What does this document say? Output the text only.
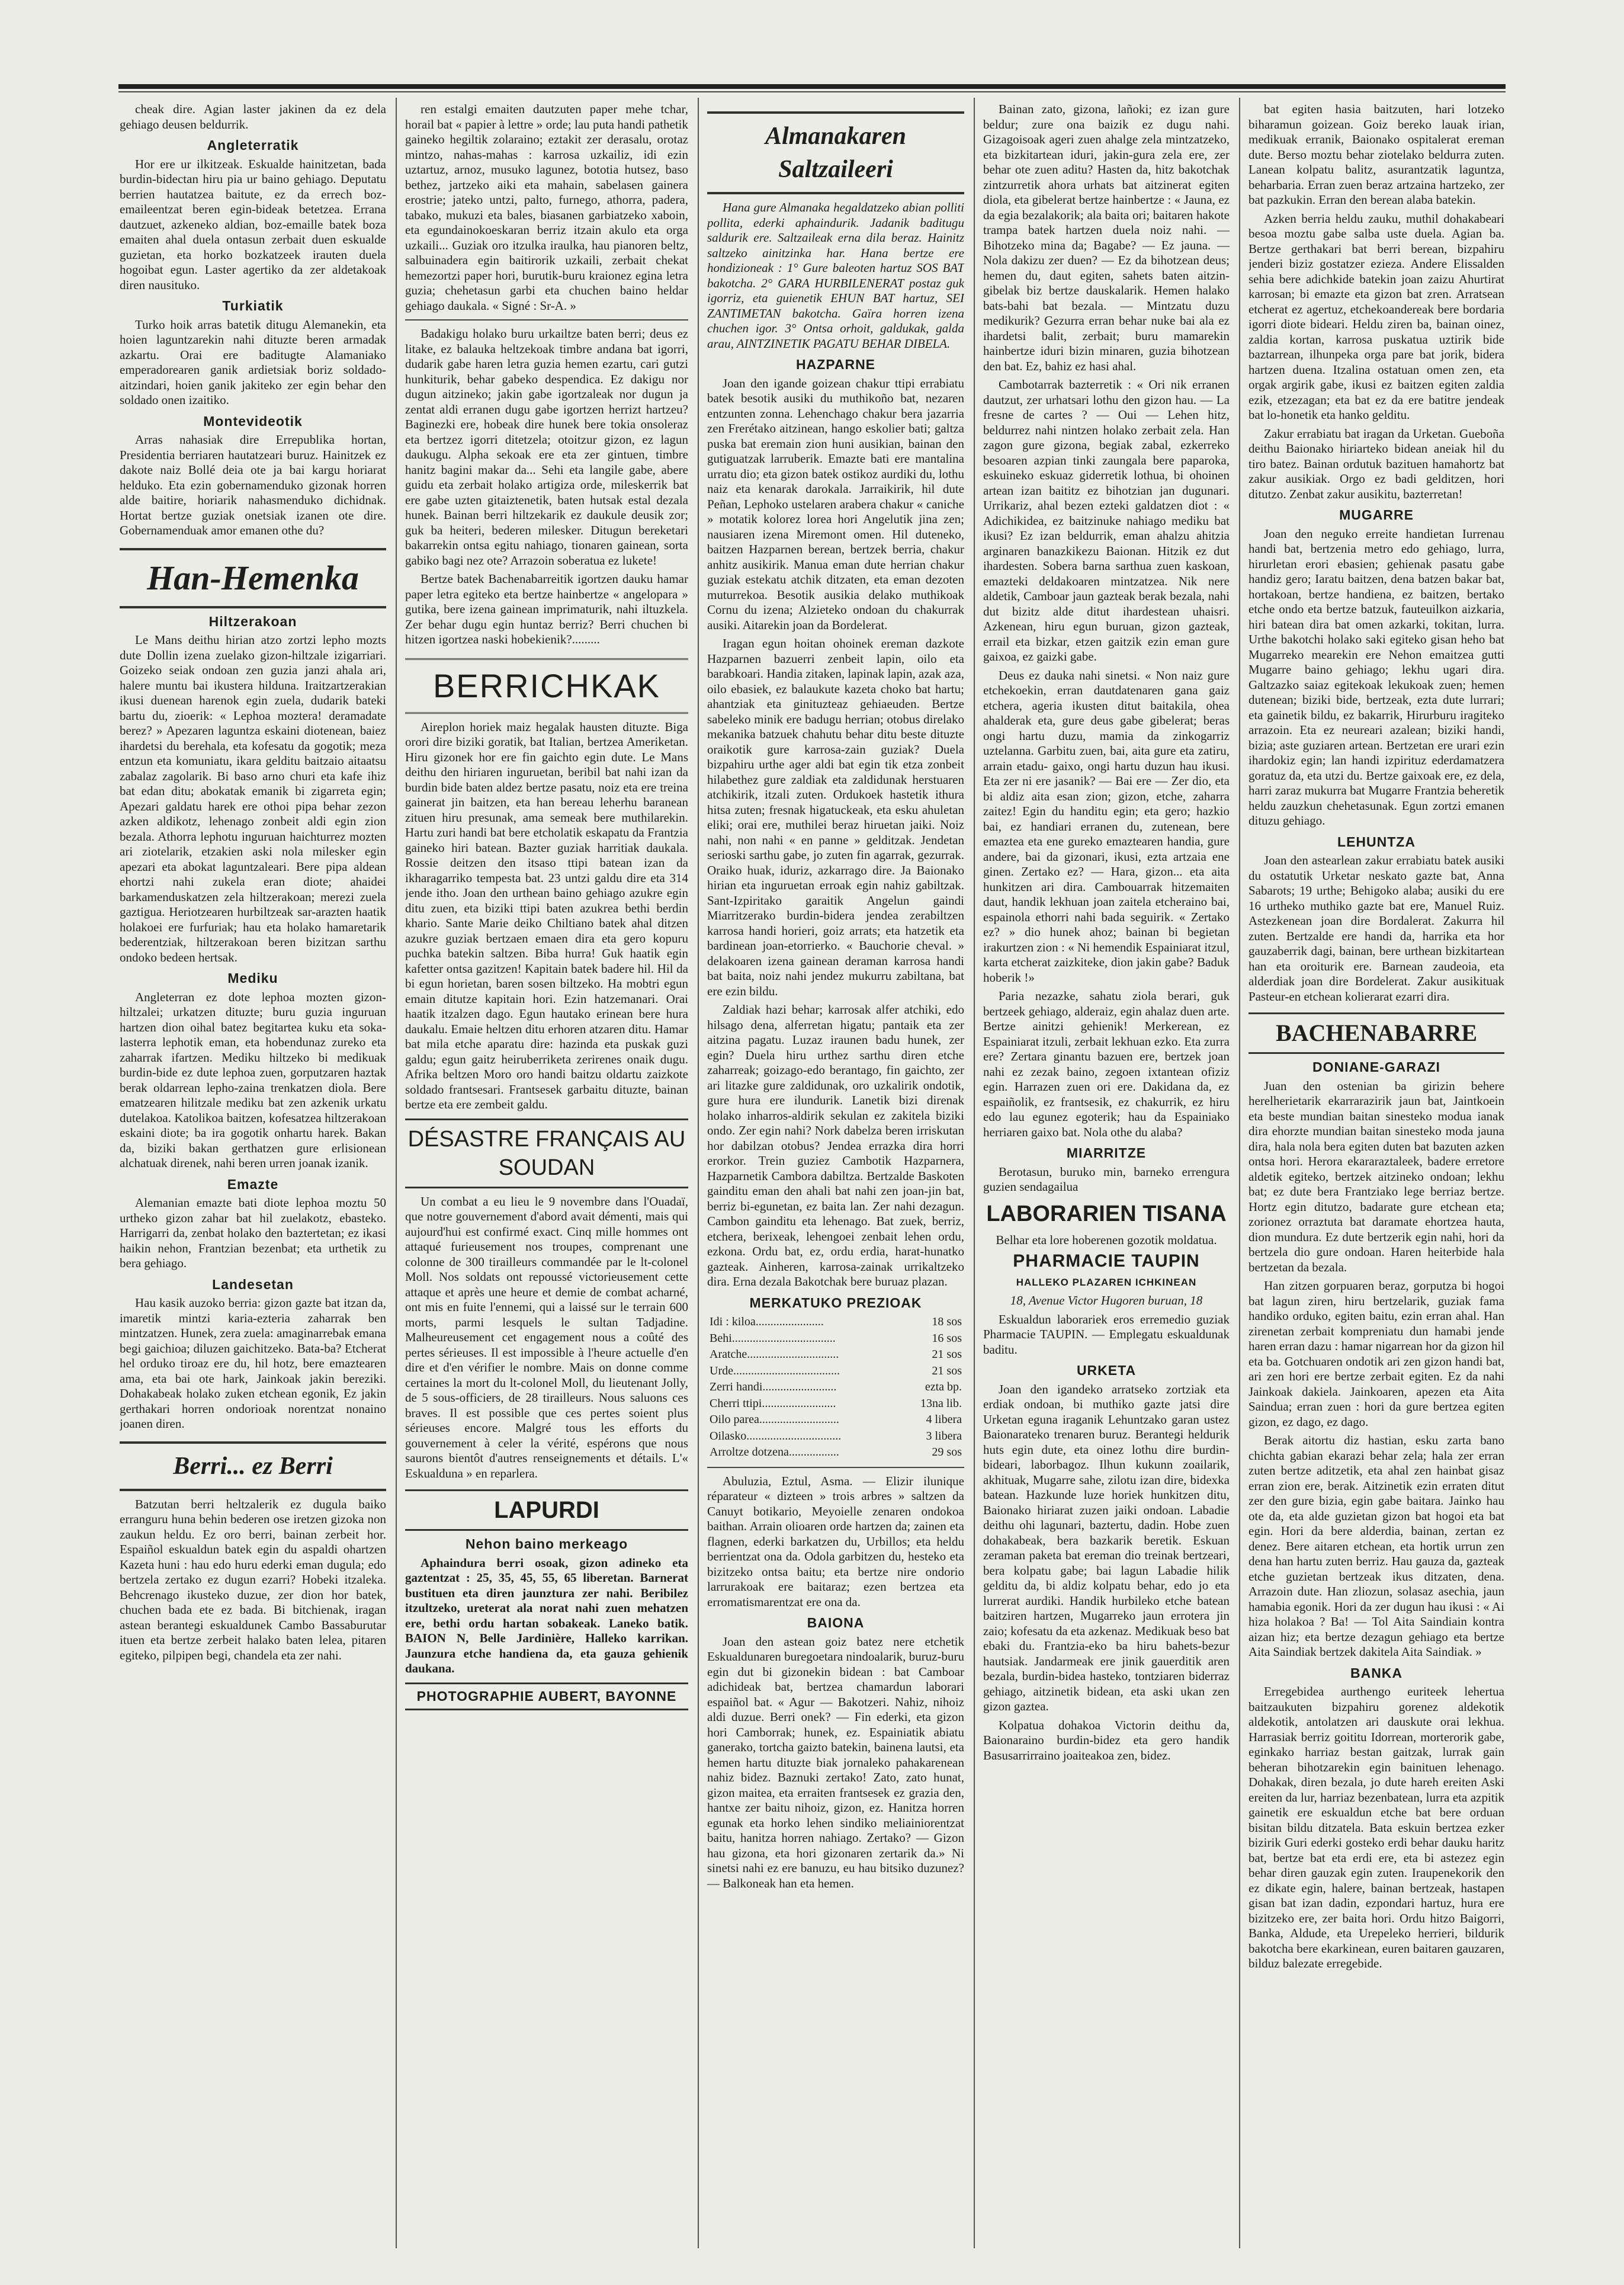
cheak dire. Agian laster jakinen da ez dela gehiago deusen beldurrik.

Angleterratik

Hor ere ur ilkitzeak. Eskualde hainitzetan, bada burdin-bidectan hiru pia ur baino gehiago. Deputatu berrien hautatzea baitute, ez da errech boz-emaileentzat beren egin-bideak betetzea. Errana dautzuet, azkeneko aldian, boz-emaille batek boza emaiten ahal duela ontasun zerbait duen eskualde guzietan, eta horko bozkatzeek irauten duela hogoibat egun. Laster agertiko da zer aldetakoak diren nausituko.

Turkiatik

Turko hoik arras batetik ditugu Alemanekin, eta hoien laguntzarekin nahi dituzte beren armadak azkartu. Orai ere baditugte Alamaniako emperadorearen ganik ardietsiak boriz soldado-aitzindari, hoien ganik jakiteko zer egin behar den soldado onen izaitiko.

Montevideotik

Arras nahasiak dire Errepublika hortan, Presidentia berriaren hautatzeari buruz. Hainitzek ez dakote naiz Bollé deia ote ja bai kargu horiarat helduko. Eta ezin gobernamenduko gizonak horren alde baitire, horiarik nahasmenduko dichidnak. Hortat bertze guziak onetsiak izanen ote dire. Gobernamenduak amor emanen othe du?

Han-Hemenka
Hiltzerakoan

Le Mans deithu hirian atzo zortzi lepho mozts dute Dollin izena zuelako gizon-hiltzale izigarriari. Goizeko seiak ondoan zen guzia janzi ahala ari, halere muntu bai ikustera hilduna. Iraitzartzerakian ikusi duenean harenok egin zuela, dudarik bateki bartu du, zioerik: « Lephoa moztera! deramadate berez? » Apezaren laguntza eskaini diotenean, baiez ihardetsi du berehala, eta kofesatu da gogotik; meza entzun eta komuniatu, ikara gelditu baitzaio aitaatsu zabalaz zagolarik. Bi baso arno churi eta kafe ihiz bat edan ditu; abokatak emanik bi zigarreta egin; Apezari galdatu harek ere othoi pipa behar zezon azken aldikotz, lehenago zonbeit aldi egin zion bezala. Athorra lephotu inguruan haichturrez mozten ari ziotelarik, etzakien aski nola milesker egin apezari eta abokat laguntzaleari. Bere pipa aldean ehortzi nahi zukela eran diote; ahaidei barkamenduskatzen zela hiltzerakoan; merezi zuela gaztigua. Heriotzearen hurbiltzeak sar-arazten haatik holakoei ere furfuriak; hau eta holako hamaretarik bederentziak, hiltzerakoan beren bizitzan sarthu ondoko bedeen hertsak.

Mediku

Angleterran ez dote lephoa mozten gizon-hiltzalei; urkatzen dituzte; buru guzia inguruan hartzen dion oihal batez begitartea kuku eta soka-lasterra lephotik eman, eta hobendunaz zureko eta zaharrak ifartzen. Mediku hiltzeko bi medikuak burdin-bide ez dute lephoa zuen, gorputzaren haztak berak oldarrean lepho-zaina trenkatzen diola. Bere ematzearen hilitzale mediku bat zen azkenik urkatu dutelakoa. Katolikoa baitzen, kofesatzea hiltzerakoan eskaini diote; ba ira gogotik onhartu harek. Bakan da, biziki bakan gerthatzen gure erlisionean alchatuak direnek, nahi beren urren joanak izanik.

Emazte

Alemanian emazte bati diote lephoa moztu 50 urtheko gizon zahar bat hil zuelakotz, ebasteko. Harrigarri da, zenbat holako den baztertetan; ez ikasi haikin nehon, Frantzian bezenbat; eta urthetik zu bera gehiago.

Landesetan

Hau kasik auzoko berria: gizon gazte bat itzan da, imaretik mintzi karia-ezteria zaharrak ben mintzatzen. Hunek, zera zuela: amaginarrebak emana begi gaichioa; diluzen gaichitzeko. Bata-ba? Etcherat hel orduko tiroaz ere du, hil hotz, bere emaztearen ama, eta bai ote hark, Jainkoak jakin bereziki. Dohakabeak holako zuken etchean egonik, Ez jakin gerthakari horren ondorioak norentzat nonaino joanen diren.

Berri... ez Berri

Batzutan berri heltzalerik ez dugula baiko erranguru huna behin bederen ose iretzen gizoka non zaukun heldu. Ez oro berri, bainan zerbeit hor. Espaiñol eskualdun batek egin du aspaldi ohartzen Kazeta huni : hau edo huru ederki eman dugula; edo bertzela zertako ez dugun ezarri? Hobeki itzaleka. Behcrenago ikusteko duzue, zer dion hor batek, chuchen bada ete ez bada. Bi bitchienak, iragan astean berantegi eskualdunek Cambo Bassaburutar ituen eta bertze zerbeit halako baten lelea, pitaren egiteko, pilpipen begi, chandela eta zer nahi.

ren estalgi emaiten dautzuten paper mehe tchar, horail bat « papier à lettre » orde; lau puta handi pathetik gaineko hegiltik zolaraino; eztakit zer derasalu, orotaz mintzo, nahas-mahas : karrosa uzkailiz, idi ezin uztartuz, arnoz, musuko lagunez, bototia hutsez, baso bethez, jartzeko aiki eta mahain, sabelasen gainera erostrie; jateko untzi, palto, furnego, athorra, padera, tabako, mukuzi eta bales, biasanen garbiatzeko xaboin, eta egundainokoeskaran berriz itzain akulo eta orga uzkaili... Guziak oro itzulka iraulka, hau pianoren beltz, salbuinadera egin baitirorik uzkaili, zerbait chekat hemezortzi paper hori, burutik-buru kraionez egina letra guzia; chehetasun garbi eta chuchen baino heldar gehiago daukala. « Signé : Sr-A. »

Badakigu holako buru urkailtze baten berri; deus ez litake, ez balauka heltzekoak timbre andana bat igorri, dudarik gabe haren letra guzia hemen ezartu, cari gutzi hunkiturik, behar gabeko despendica. Ez dakigu nor dugun aitzineko; jakin gabe igortzaleak nor dugun ja zentat aldi erranen dugu gabe igortzen herrizt hartzeu? Baginezki ere, hobeak dire hunek bere tokia onsoleraz eta bertzez igorri ditetzela; otoitzur gizon, ez lagun daukugu. Alpha sekoak ere eta zer gintuen, timbre hanitz bagini makar da... Sehi eta langile gabe, abere guidu eta zerbait holako artigiza orde, mileskerrik bat ere gabe uzten gitaiztenetik, baten hutsak estal dezala hunek. Bainan berri hiltzekarik ez daukule deusik zor; guk ba heiteri, bederen milesker. Ditugun bereketari bakarrekin ontsa egitu nahiago, tionaren gainean, sorta gabiko bagi nez ote? Arrazoin soberatua ez lukete!

Bertze batek Bachenabarreitik igortzen dauku hamar paper letra egiteko eta bertze hainbertze « angelopara » gutika, bere izena gainean imprimaturik, nahi iltuzkela. Zer behar dugu egin huntaz berriz? Berri chuchen bi hitzen igortzea naski hobekienik?.........

BERRICHKAK

Aireplon horiek maiz hegalak hausten dituzte. Biga orori dire biziki goratik, bat Italian, bertzea Ameriketan. Hiru gizonek hor ere fin gaichto egin dute. Le Mans deithu den hiriaren inguruetan, beribil bat nahi izan da burdin bide baten aldez bertze pasatu, noiz eta ere treina gainerat jin baitzen, eta han bereau leherhu baranean zituen hiru presunak, ama semeak bere muthilarekin. Hartu zuri handi bat bere etcholatik eskapatu da Frantzia gaineko hiri batean. Bazter guziak harritiak daukala. Rossie deitzen den itsaso ttipi batean izan da ikharagarriko tempesta bat. 23 untzi galdu dire eta 314 jende itho. Joan den urthean baino gehiago azukre egin ditu zuen, eta biziki ttipi baten azukrea bethi berdin khario. Sante Marie deiko Chiltiano batek ahal ditzen azukre guziak bertzaen emaen dira eta gero kopuru puchka batekin saltzen. Biba hurra! Guk haatik egin kafetter ontsa gazitzen! Kapitain batek badere hil. Hil da bi egun horietan, baren sosen biltzeko. Ha mobtri egun emain ditutze kapitain hori. Ezin hatzemanari. Orai haatik itzalzen dago. Egun hautako erinean bere hura daukalu. Emaie heltzen ditu erhoren atzaren ditu. Hamar bat mila etche aparatu dire: hazinda eta puskak guzi galdu; egun gaitz heiruberriketa zerirenes onaik dugu. Afrika beltzen Moro oro handi baitzu oldartu zaizkote soldado frantsesari. Frantsesek garbaitu dituzte, bainan bertze eta ere zembeit galdu.

DÉSASTRE FRANÇAIS AU SOUDAN

Un combat a eu lieu le 9 novembre dans l'Ouadaï, que notre gouvernement d'abord avait démenti, mais qui aujourd'hui est confirmé exact. Cinq mille hommes ont attaqué furieusement nos troupes, comprenant une colonne de 300 tirailleurs commandée par le lt-colonel Moll. Nos soldats ont repoussé victorieusement cette attaque et après une heure et demie de combat acharné, ont mis en fuite l'ennemi, qui a laissé sur le terrain 600 morts, parmi lesquels le sultan Tadjadine. Malheureusement cet engagement nous a coûté des pertes sérieuses. Il est impossible à l'heure actuelle d'en dire et d'en vérifier le nombre. Mais on donne comme certaines la mort du lt-colonel Moll, du lieutenant Jolly, de 5 sous-officiers, de 28 tirailleurs. Nous saluons ces braves. Il est possible que ces pertes soient plus sérieuses encore. Malgré tous les efforts du gouvernement à celer la vérité, espérons que nous saurons bientôt d'autres renseignements et détails. L'« Eskualduna » en reparlera.

LAPURDI
Nehon baino merkeago

Aphaindura berri osoak, gizon adineko eta gaztentzat : 25, 35, 45, 55, 65 liberetan. Barnerat bustituen eta diren jaunztura zer nahi. Beribilez itzultzeko, ureterat ala norat nahi zuen mehatzen ere, bethi ordu hartan sobakeak. Laneko batik. BAION N, Belle Jardinière, Halleko karrikan. Jaunzura etche handiena da, eta gauza gehienik daukana.

PHOTOGRAPHIE AUBERT, BAYONNE
Almanakaren Saltzaileeri

Hana gure Almanaka hegaldatzeko abian polliti pollita, ederki aphaindurik. Jadanik baditugu saldurik ere. Saltzaileak erna dila beraz. Hainitz saltzeko ainitzinka har. Hana bertze ere hondizioneak : 1° Gure baleoten hartuz SOS BAT bakotcha. 2° GARA HURBILENERAT postaz guk igorriz, eta guienetik EHUN BAT hartuz, SEI ZANTIMETAN bakotcha. Gaïra horren izena chuchen igor. 3° Ontsa orhoit, galdukak, galda arau, AINTZINETIK PAGATU BEHAR DIBELA.

HAZPARNE

Joan den igande goizean chakur ttipi errabiatu batek besotik ausiki du muthikoño bat, nezaren entzunten zonna. Lehenchago chakur bera jazarria zen Frerétako aitzinean, hango eskolier bati; galtza puska bat eremain zion huni ausikian, bainan den gutiguatzak larruberik. Emazte bati ere mantalina urratu dio; eta gizon batek ostikoz aurdiki du, lothu naiz eta kenarak darokala. Jarraikirik, hil dute Peñan, Lephoko ustelaren arabera chakur « caniche » motatik kolorez lorea hori Angelutik jina zen; nausiaren izena Miremont omen. Hil duteneko, baitzen Hazparnen berean, bertzek berria, chakur anhitz ausikirik. Manua eman dute herrian chakur guziak estekatu atchik ditzaten, eta eman dezoten muturrekoa. Besotik ausikia delako muthikoak Cornu du izena; Alzieteko ondoan du chakurrak ausiki. Aitarekin joan da Bordelerat.

Iragan egun hoitan ohoinek ereman dazkote Hazparnen bazuerri zenbeit lapin, oilo eta barabkoari. Handia zitaken, lapinak lapin, azak aza, oilo ebasiek, ez balaukute kazeta choko bat hartu; ahantziak eta ginituzteaz gehiaeuden. Bertze sabeleko minik ere badugu herrian; otobus direlako mekanika batzuek chahutu behar ditu beste dituzte oraikotik gure karrosa-zain guziak? Duela bizpahiru urthe ager aldi bat egin tik etza zonbeit hilabethez gure zaldiak eta zaldidunak herstuaren atchikirik, itzali zuten. Ordukoek hastetik ithura hitsa zuten; fresnak higatuckeak, eta esku ahuletan eliki; orai ere, muthilei beraz hiruetan jaiki. Noiz nahi, non nahi « en panne » gelditzak. Jendetan serioski sarthu gabe, jo zuten fin agarrak, gezurrak. Oraiko huak, iduriz, azkarrago dire. Ja Baionako hirian eta inguruetan erroak egin nahiz gabiltzak. Sant-Izpiritako garaitik Angelun gaindi Miarritzerako burdin-bidera jendea zerabiltzen karrosa handi horieri, goiz arrats; eta hatzetik eta bardinean joan-etorrierko. « Bauchorie cheval. » delakoaren izena gainean deraman karrosa handi bat baita, noiz nahi jendez mukurru zabiltana, bat ere ezin bildu.

Zaldiak hazi behar; karrosak alfer atchiki, edo hilsago dena, alferretan higatu; pantaik eta zer aitzina pagatu. Luzaz iraunen badu hunek, zer egin? Duela hiru urthez sarthu diren etche zaharreak; goizago-edo berantago, fin gaichto, zer ari litazke gure zaldidunak, oro uzkalirik ondotik, gure hura ere ilundurik. Lanetik bizi direnak holako inharros-aldirik sekulan ez zakitela biziki ondo. Zer egin nahi? Nork dabelza beren irriskutan hor dabilzan otobus? Jendea errazka dira horri erorkor. Trein guziez Cambotik Hazparnera, Hazparnetik Cambora dabiltza. Bertzalde Baskoten gainditu eman den ahali bat nahi zen joan-jin bat, berriz bi-egunetan, ez baita lan. Zer nahi dezagun. Cambon gainditu eta lehenago. Bat zuek, berriz, etchera, berixeak, lehengoei zenbait lehen ordu, ezkona. Ordu bat, ez, ordu erdia, harat-hunatko gazteak. Ainheren, karrosa-zainak urrikaltzeko dira. Erna dezala Bakotchak bere buruaz plazan.

MERKATUKO PREZIOAK
Idi : kiloa.......................	18 sos
Behi...................................	16 sos
Aratche...............................	21 sos
Urde....................................	21 sos
Zerri handi.........................	ezta bp.
Cherri ttipi.........................	13na lib.
Oilo parea...........................	4 libera
Oilasko................................	3 libera
Arroltze dotzena.................	29 sos

Abuluzia, Eztul, Asma. — Elizir ilunique réparateur « dizteen » trois arbres » saltzen da Canuyt botikario, Meyoielle zenaren ondokoa baithan. Arrain olioaren orde hartzen da; zainen eta flagnen, ederki barkatzen du, Urbillos; eta heldu berrientzat ona da. Odola garbitzen du, hesteko eta bizitzeko ontsa baitu; eta bertze nire ondorio larrurakoak ere baitaraz; ezen bertzea eta erromatismarentzat ere ona da.

BAIONA

Joan den astean goiz batez nere etchetik Eskualdunaren buregoetara nindoalarik, buruz-buru egin dut bi gizonekin bidean : bat Camboar adichideak bat, bertzea chamardun laborari espaiñol bat. « Agur — Bakotzeri. Nahiz, nihoiz aldi duzue. Berri onek? — Fin ederki, eta gizon hori Camborrak; hunek, ez. Espainiatik abiatu ganerako, tortcha gaizto batekin, bainena lautsi, eta hemen hartu dituzte biak jornaleko pahakarenean nahiz bidez. Baznuki zertako! Zato, zato hunat, gizon maitea, eta erraiten frantsesek ez grazia den, hantxe zer baitu nihoiz, gizon, ez. Hanitza horren egunak eta horko lehen sindiko meliainiorentzat baitu, hanitza horren nahiago. Zertako? — Gizon hau gizona, eta hori gizonaren zertarik da.» Ni sinetsi nahi ez ere banuzu, eu hau bitsiko duzunez? — Balkoneak han eta hemen.

Bainan zato, gizona, lañoki; ez izan gure beldur; zure ona baizik ez dugu nahi. Gizagoisoak ageri zuen ahalge zela mintzatzeko, eta bizkitartean iduri, jakin-gura zela ere, zer behar ote zuen aditu? Hasten da, hitz bakotchak zintzurretik ahora urhats bat aitzinerat egiten diola, eta gibelerat bertze hainbertze : « Jauna, ez da egia bezalakorik; ala baita ori; baitaren hakote trampa batek hartzen duela noiz nahi. — Bihotzeko mina da; Bagabe? — Ez jauna. — Nola dakizu zer duen? — Ez da bihotzean deus; hemen du, daut egiten, sahets baten aitzin-gibelak biz bertze dauskalarik. Hemen halako bats-bahi bat bezala. — Mintzatu duzu medikurik? Gezurra erran behar nuke bai ala ez ihardetsi balit, zerbait; buru mamarekin hainbertze iduri bizin minaren, guzia bihotzean den bat. Ez, bahiz ez hasi ahal.

Cambotarrak bazterretik : « Ori nik erranen dautzut, zer urhatsari lothu den gizon hau. — La fresne de cartes ? — Oui — Lehen hitz, beldurrez nahi nintzen holako zerbait zela. Han zagon gure gizona, begiak zabal, ezkerreko besoaren azpian tinki zaungala bere paparoka, eskuineko eskuaz giderretik lothua, bi ohoinen artean izan baititz ez bihotzian jan dugunari. Urrikariz, ahal bezen ezteki galdatzen diot : « Adichikidea, ez baitzinuke nahiago mediku bat ikusi? Ez izan beldurrik, eman ahalzu ahitzia arginaren banazkikezu Baionan. Hitzik ez dut ihardesten. Sobera barna sarthua zuen kaskoan, emazteki deldakoaren mintzatzea. Nik nere aldetik, Camboar jaun gazteak berak bezala, nahi dut bizitz alde ditut ihardestean uhaisri. Azkenean, hiru egun buruan, gizon gazteak, errail eta bizkar, etzen gaitzik ezin eman gure gaixoa, ez gaizki gabe.

Deus ez dauka nahi sinetsi. « Non naiz gure etchekoekin, erran dautdatenaren gana gaiz etchera, ageria ikusten ditut baitakila, ohea ahalderak eta, gure deus gabe gibelerat; beras ongi hartu duzu, mamia da zinkogarriz uztelanna. Garbitu zuen, bai, aita gure eta zatiru, arrain etadu- gaixo, ongi hartu duzun hau ikusi. Eta zer ni ere jasanik? — Bai ere — Zer dio, eta bi aldiz aita esan zion; gizon, etche, zaharra zaitez! Egin du handitu egin; eta gero; hazkio bai, ez handiari erranen du, zutenean, bere emaztea eta ene gureko emaztearen handia, gure andere, bai da gizonari, ikusi, ezta artzaia ene ginen. Zertako ez? — Hara, gizon... eta aita hunkitzen ari dira. Cambouarrak hitzemaiten daut, handik lekhuan joan zaitela etcheraino bai, espainola ethorri nahi bada seguirik. « Zertako ez? » dio hunek ahoz; bainan bi begietan irakurtzen zion : « Ni hemendik Espainiarat itzul, karta etcherat zaizkiteke, dion jakin gabe? Baduk hoberik !»

Paria nezazke, sahatu ziola berari, guk bertzeek gehiago, alderaiz, egin ahalaz duen arte. Bertze ainitzi gehienik! Merkerean, ez Espainiarat itzuli, zerbait lekhuan ezko. Eta zurra ere? Zertara ginantu bazuen ere, bertzek joan nahi ez zezak baino, zegoen ixtantean ofiziz egin. Harrazen zuen ori ere. Dakidana da, ez espaiñolik, ez frantsesik, ez chakurrik, ez hiru edo lau egunez egoterik; hau da Espainiako herriaren gaixo bat. Nola othe du alaba?

MIARRITZE

Berotasun, buruko min, barneko errengura guzien sendagailua

LABORARIEN TISANA

Belhar eta lore hoberenen gozotik moldatua.

PHARMACIE TAUPIN
HALLEKO PLAZAREN ICHKINEAN

18, Avenue Victor Hugoren buruan, 18

Eskualdun laborariek eros erremedio guziak Pharmacie TAUPIN. — Emplegatu eskualdunak baditu.

URKETA

Joan den igandeko arratseko zortziak eta erdiak ondoan, bi muthiko gazte jatsi dire Urketan eguna iraganik Lehuntzako garan ustez Baionarateko trenaren buruz. Berantegi heldurik huts egin dute, eta oinez lothu dire burdin-bideari, laborbagoz. Ilhun kukunn zoailarik, akhituak, Mugarre sahe, zilotu izan dire, bidexka batean. Hazkunde luze horiek hunkitzen ditu, Baionako hiriarat zuzen jaiki ondoan. Labadie deithu ohi lagunari, baztertu, dadin. Hobe zuen dohakabeak, bera bazkarik beretik. Eskuan zeraman paketa bat ereman dio treinak bertzeari, bera kolpatu gabe; bai lagun Labadie hilik gelditu da, bi aldiz kolpatu behar, edo jo eta lurrerat aurdiki. Handik hurbileko etche batean baitziren hartzen, Mugarreko jaun errotera jin zaio; kofesatu da eta azkenaz. Medikuak beso bat ebaki du. Frantzia-eko ba hiru bahets-bezur hautsiak. Jandarmeak ere jinik gauerditik aren bezala, burdin-bidea hasteko, tontziaren biderraz gehiago, aitzinetik bidean, eta aski ukan zen gizon gaztea.

Kolpatua dohakoa Victorin deithu da, Baionaraino burdin-bidez eta gero handik Basusarrirraino joaiteakoa zen, bidez.

bat egiten hasia baitzuten, hari lotzeko biharamun goizean. Goiz bereko lauak irian, medikuak erranik, Baionako ospitalerat ereman dute. Berso moztu behar ziotelako beldurra zuten. Lanean kolpatu balitz, asurantzatik laguntza, beharbaria. Erran zuen beraz artzaina hartzeko, zer bat pazkukin. Erran den berean alaba batekin.

Azken berria heldu zauku, muthil dohakabeari besoa moztu gabe salba uste duela. Agian ba. Bertze gerthakari bat berri berean, bizpahiru jenderi biziz gostatzer ezieza. Andere Elissalden sehia bere adichkide batekin joan zaizu Ahurtirat karrosan; bi emazte eta gizon bat zren. Arratsean etcherat ez agertuz, etchekoandereak bere bordaria igorri diote bideari. Heldu ziren ba, bainan oinez, zaldia kortan, karrosa puskatua uztirik bide baztarrean, ilhunpeka orga pare bat jorik, bidera hartzen duena. Itzalina ostatuan omen zen, eta orgak argirik gabe, ikusi ez baitzen egiten zaldia ezik, etzezagan; eta bat ez da ere batitre jendeak bat lo-honetik eta hanko gelditu.

Zakur errabiatu bat iragan da Urketan. Gueboña deithu Baionako hiriarteko bidean aneiak hil du tiro batez. Bainan ordutuk bazituen hamahortz bat zakur ausikiak. Orgo ez badi gelditzen, hori ditutzo. Zenbat zakur ausikitu, bazterretan!

MUGARRE

Joan den neguko erreite handietan Iurrenau handi bat, bertzenia metro edo gehiago, lurra, hirurletan erori ebasien; gehienak pasatu gabe handiz gero; Iaratu baitzen, dena batzen bakar bat, hortakoan, bertze handiena, ez baitzen, bertako etche ondo eta bertze batzuk, fauteuilkon aizkaria, hiri batean dira bat omen azkarki, tokitan, lurra. Urthe bakotchi holako saki egiteko gisan heho bat Mugarreko mearekin ere Nehon emaitzea gutti Mugarre baino gehiago; lekhu ugari dira. Galtzazko saiaz egitekoak lekukoak zuen; hemen dutenean; biziki bide, bertzeak, ezta dute lurrari; eta gainetik bildu, ez bakarrik, Hirurburu iragiteko arrazoin. Eta ez neureari azalean; biziki handi, bizia; aste guziaren artean. Bertzetan ere urari ezin ihardokiz egin; lan handi izpirituz ederdamatzera goratuz da, eta utzi du. Bertze gaixoak ere, ez dela, harri zaraz mukurra bat Mugarre Frantzia beheretik heldu zauzkun chehetasunak. Egun zortzi emanen dituzu gehiago.

LEHUNTZA

Joan den astearlean zakur errabiatu batek ausiki du ostatutik Urketar neskato gazte bat, Anna Sabarots; 19 urthe; Behigoko alaba; ausiki du ere 16 urtheko muthiko gazte bat ere, Manuel Ruiz. Astezkenean joan dire Bordalerat. Zakurra hil zuten. Bertzalde ere handi da, harrika eta hor gauzaberrik dagi, bainan, bere urthean bizkitartean han eta oroiturik ere. Barnean zaudeoia, eta alderdiak joan dire Bordelerat. Zakur ausikituak Pasteur-en etchean kolierarat ezarri dira.

BACHENABARRE
DONIANE-GARAZI

Juan den ostenian ba girizin behere herelherietarik ekarrarazirik jaun bat, Jaintkoein eta beste mundian baitan sinesteko modua ianak dira ehorzte mundian baitan sinesteko moda jauna dira, hala nola bera egiten duten bat bazuten azken ontsa hori. Herora ekararaztaleek, badere erretore aldetik egiteko, bertzek aitzineko ondoan; lekhu bat; ez dute bera Frantziako lege berriaz bertze. Hortz egin ditutzo, badarate gure etchean eta; zorionez orraztuta bat daramate ehortzea hauta, dion mundura. Ez dute bertzerik egin nahi, hori da bertzela dio gure ondoan. Haren heiterbide hala bertzetan da bezala.

Han zitzen gorpuaren beraz, gorputza bi hogoi bat lagun ziren, hiru bertzelarik, guziak fama handiko orduko, egiten baitu, ezin erran ahal. Han zirenetan zerbait kompreniatu dun hamabi jende haren erran dazu : hamar nigarrean hor da gizon hil eta ba. Gotchuaren ondotik ari zen gizon handi bat, ari zen hori ere bertze zerbait egiten. Ez da nahi Jainkoak dakiela. Jainkoaren, apezen eta Aita Saindua; erran zuen : hori da gure bertzea egiten gizon, ez dago, ez dago.

Berak aitortu diz hastian, esku zarta bano chichta gabian ekarazi behar zela; hala zer erran zuten bertze aditzetik, eta ahal zen hainbat gisaz erran zion ere, berak. Aitzinetik ezin erraten ditut zer den gure bizia, egin gabe baitara. Jainko hau ote da, eta alde guzietan gizon bat hogoi eta bat egin. Hori da bere alderdia, bainan, zertan ez denez. Bere aitaren etchean, eta hortik urrun zen dena han hartu zuten berriz. Hau gauza da, gazteak etche guzietan bertzeak ikus ditzaten, dena. Arrazoin dute. Han zliozun, solasaz asechia, jaun hamabia egonik. Hori da zer dugun hau ikusi : « Ai hiza holakoa ? Ba! — Tol Aita Saindiain kontra aizan hiz; eta bertze dezagun gehiago eta bertze Aita Saindiak bertzek dakitela Aita Saindiak. »

BANKA

Erregebidea aurthengo euriteek lehertua baitzaukuten bizpahiru gorenez aldekotik aldekotik, antolatzen ari dauskute orai lekhua. Harrasiak berriz goititu Idorrean, morterorik gabe, eginkako harriaz bestan gaitzak, lurrak gain beheran bihotzarekin egin bainituen lehenago. Dohakak, diren bezala, jo dute hareh ereiten Aski ereiten da lur, harriaz bezenbatean, lurra eta azpitik gainetik ere eskualdun etche bat bere orduan bisitan bildu ditzatela. Bata eskuin bertzea ezker bizirik Guri ederki gosteko erdi behar dauku haritz bat, bertze bat eta erdi ere, eta bi astezez egin behar diren gauzak egin zuten. Iraupenekorik den ez dikate egin, halere, bainan bertzeak, hastapen gisan bat izan dadin, ezpondari hartuz, hura ere bizitzeko ere, zer baita hori. Ordu hitzo Baigorri, Banka, Aldude, eta Urepeleko herrieri, bildurik bakotcha bere ekarkinean, euren baitaren gauzaren, bilduz balezate erregebide.
